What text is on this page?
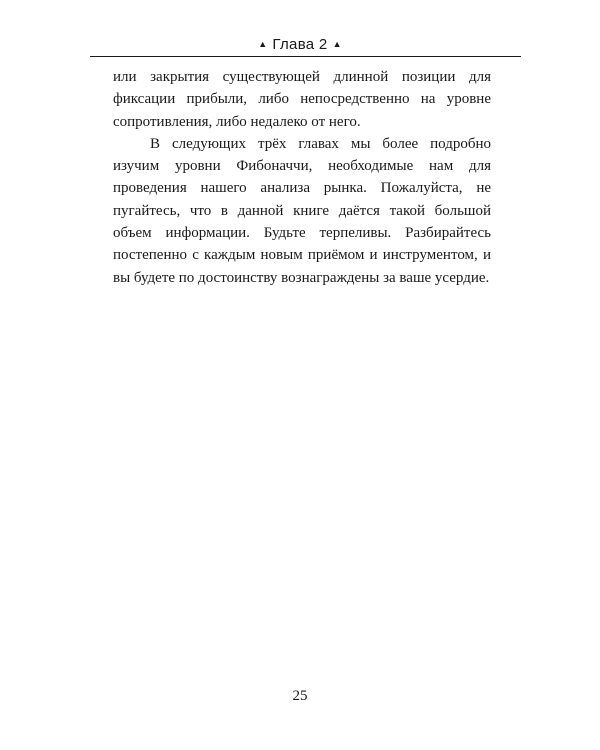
▲ Глава 2 ▲

или закрытия существующей длинной позиции для фиксации прибыли, либо непосредственно на уровне сопротивления, либо недалеко от него.

В следующих трёх главах мы более подробно изучим уровни Фибоначчи, необходимые нам для проведения нашего анализа рынка. Пожалуйста, не пугайтесь, что в данной книге даётся такой большой объем информации. Будьте терпеливы. Разбирайтесь постепенно с каждым новым приёмом и инструментом, и вы будете по достоинству вознаграждены за ваше усердие.

25
